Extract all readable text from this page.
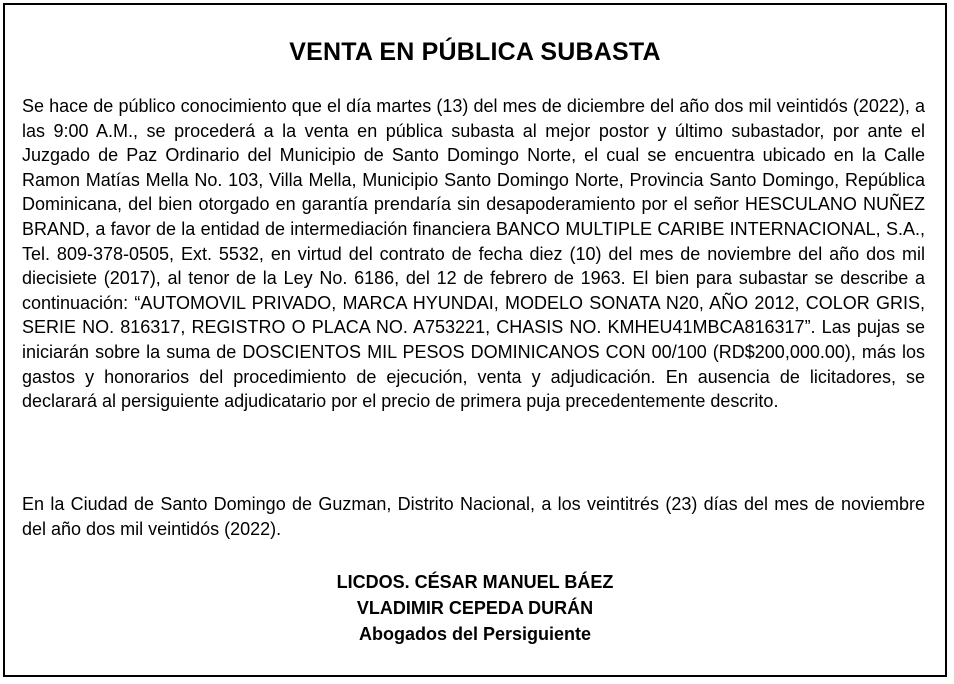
VENTA EN PÚBLICA SUBASTA

Se hace de público conocimiento que el día martes (13) del mes de diciembre del año dos mil veintidós (2022), a las 9:00 A.M., se procederá a la venta en pública subasta al mejor postor y último subastador, por ante el Juzgado de Paz Ordinario del Municipio de Santo Domingo Norte, el cual se encuentra ubicado en la Calle Ramon Matías Mella No. 103, Villa Mella, Municipio Santo Domingo Norte, Provincia Santo Domingo, República Dominicana, del bien otorgado en garantía prendaría sin desapoderamiento por el señor HESCULANO NUÑEZ BRAND, a favor de la entidad de intermediación financiera BANCO MULTIPLE CARIBE INTERNACIONAL, S.A., Tel. 809-378-0505, Ext. 5532, en virtud del contrato de fecha diez (10) del mes de noviembre del año dos mil diecisiete (2017), al tenor de la Ley No. 6186, del 12 de febrero de 1963. El bien para subastar se describe a continuación: “AUTOMOVIL PRIVADO, MARCA HYUNDAI, MODELO SONATA N20, AÑO 2012, COLOR GRIS, SERIE NO. 816317, REGISTRO O PLACA NO. A753221, CHASIS NO. KMHEU41MBCA816317”. Las pujas se iniciarán sobre la suma de DOSCIENTOS MIL PESOS DOMINICANOS CON 00/100 (RD$200,000.00), más los gastos y honorarios del procedimiento de ejecución, venta y adjudicación. En ausencia de licitadores, se declarará al persiguiente adjudicatario por el precio de primera puja precedentemente descrito.

En la Ciudad de Santo Domingo de Guzman, Distrito Nacional, a los veintitrés (23) días del mes de noviembre del año dos mil veintidós (2022).

LICDOS. CÉSAR MANUEL BÁEZ
VLADIMIR CEPEDA DURÁN
Abogados del Persiguiente
